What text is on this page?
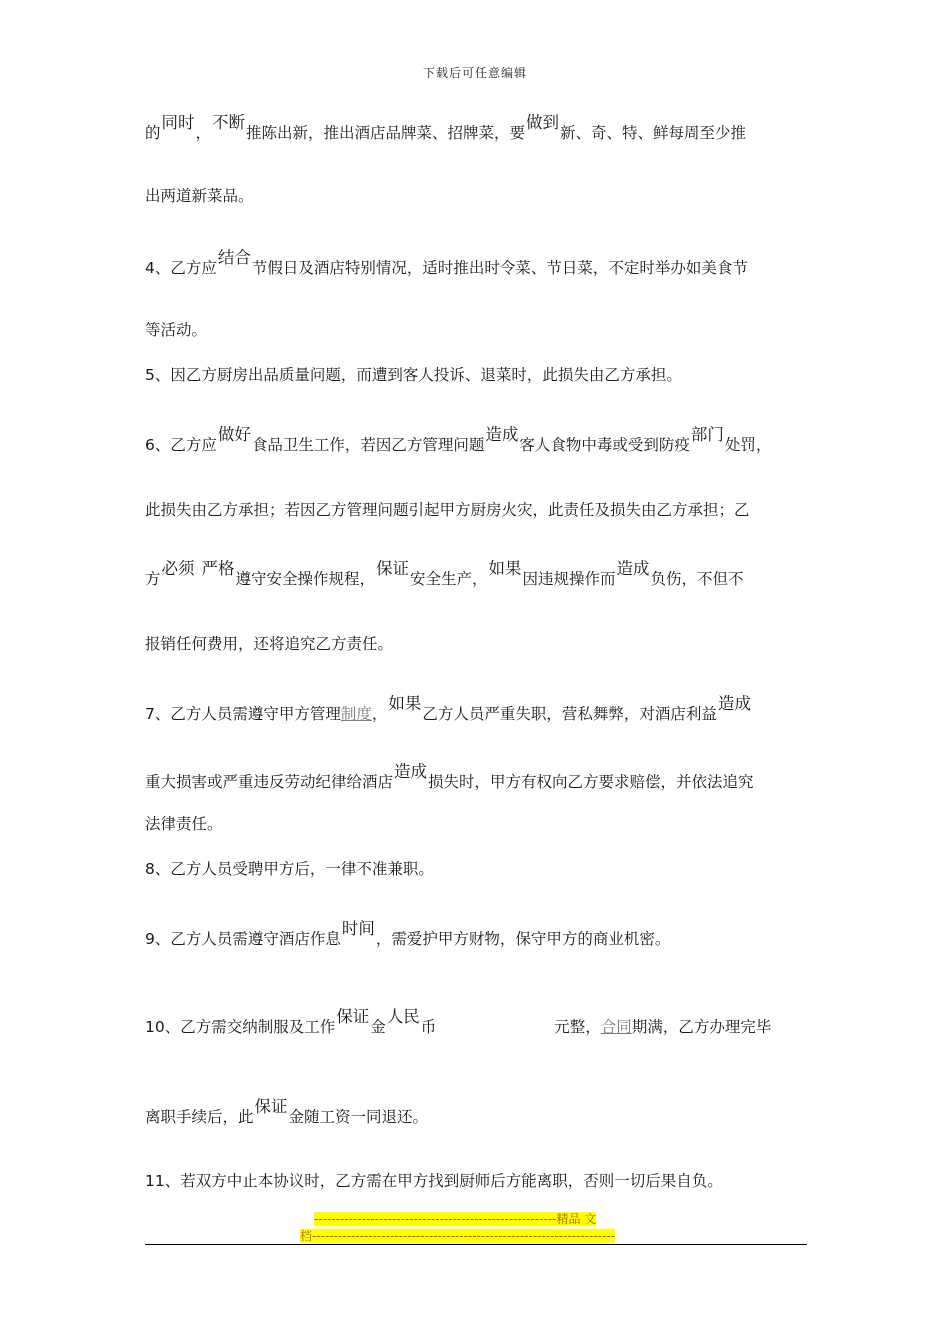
下载后可任意编辑
的同时，不断推陈出新，推出酒店品牌菜、招牌菜，要做到新、奇、特、鲜每周至少推
出两道新菜品。
4、乙方应结合节假日及酒店特别情况，适时推出时令菜、节日菜，不定时举办如美食节
等活动。
5、因乙方厨房出品质量问题，而遭到客人投诉、退菜时，此损失由乙方承担。
6、乙方应做好食品卫生工作，若因乙方管理问题造成客人食物中毒或受到防疫部门处罚，
此损失由乙方承担；若因乙方管理问题引起甲方厨房火灾，此责任及损失由乙方承担；乙
方必须 严格遵守安全操作规程，保证安全生产，如果因违规操作而造成负伤，不但不
报销任何费用，还将追究乙方责任。
7、乙方人员需遵守甲方管理制度，如果乙方人员严重失职，营私舞弊，对酒店利益造成
重大损害或严重违反劳动纪律给酒店造成损失时，甲方有权向乙方要求赔偿，并依法追究
法律责任。
8、乙方人员受聘甲方后，一律不准兼职。
9、乙方人员需遵守酒店作息时间，需爱护甲方财物，保守甲方的商业机密。
10、乙方需交纳制服及工作保证金人民币	元整，合同期满，乙方办理完毕
离职手续后，此保证金随工资一同退还。
11、若双方中止本协议时，乙方需在甲方找到厨师后方能离职，否则一切后果自负。
--------------------------------------------------------精品 文
档----------------------------------------------------------------------
